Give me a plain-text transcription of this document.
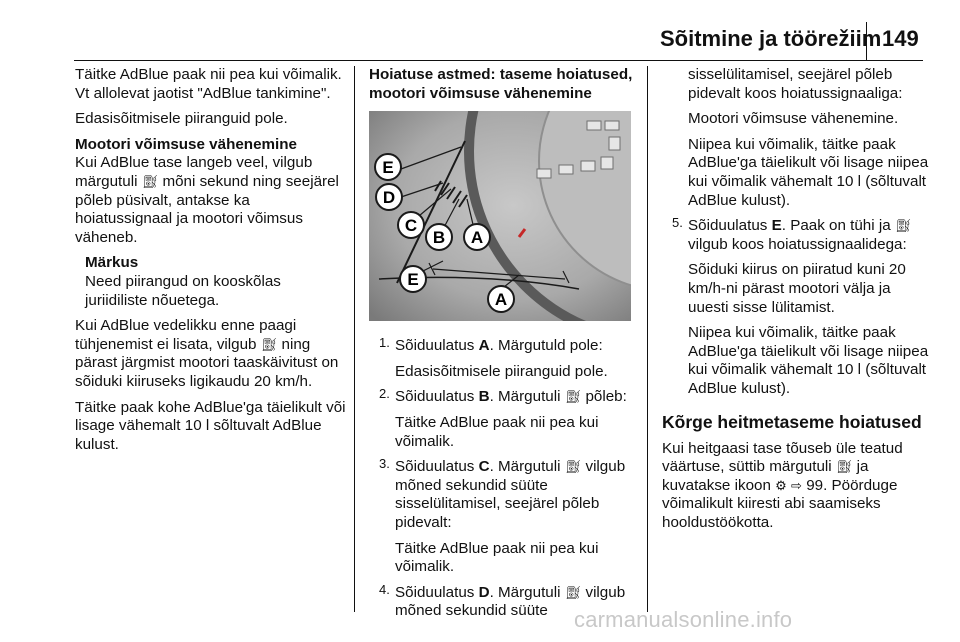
Sõitmine ja töörežiim 149

Täitke AdBlue paak nii pea kui võimalik. Vt allolevat jaotist "AdBlue tankimine".

Edasisõitmisele piiranguid pole.

Mootori võimsuse vähenemine

Kui AdBlue tase langeb veel, vilgub märgutuli ⛽︎ mõni sekund ning seejärel põleb püsivalt, antakse ka hoiatussignaal ja mootori võimsus väheneb.

Märkus

Need piirangud on kooskõlas juriidiliste nõuetega.

Kui AdBlue vedelikku enne paagi tühjenemist ei lisata, vilgub ⛽︎ ning pärast järgmist mootori taaskäivitust on sõiduki kiiruseks ligikaudu 20 km/h.

Täitke paak kohe AdBlue'ga täielikult või lisage vähemalt 10 l sõltuvalt AdBlue kulust.

Hoiatuse astmed: taseme hoiatused, mootori võimsuse vähenemine

E
D
C
B A
E
A
1. Sõiduulatus A. Märgutuld pole:

Edasisõitmisele piiranguid pole.

2. Sõiduulatus B. Märgutuli ⛽︎ põleb:

Täitke AdBlue paak nii pea kui võimalik.

3. Sõiduulatus C. Märgutuli ⛽︎ vilgub mõned sekundid süüte sisselülitamisel, seejärel põleb pidevalt:

Täitke AdBlue paak nii pea kui võimalik.

4. Sõiduulatus D. Märgutuli ⛽︎ vilgub mõned sekundid süüte

sisselülitamisel, seejärel põleb pidevalt koos hoiatussignaaliga:

Mootori võimsuse vähenemine.

Niipea kui võimalik, täitke paak AdBlue'ga täielikult või lisage niipea kui võimalik vähemalt 10 l (sõltuvalt AdBlue kulust).

5. Sõiduulatus E. Paak on tühi ja ⛽︎ vilgub koos hoiatussignaalidega:

Sõiduki kiirus on piiratud kuni 20 km/h-ni pärast mootori välja ja uuesti sisse lülitamist.

Niipea kui võimalik, täitke paak AdBlue'ga täielikult või lisage niipea kui võimalik vähemalt 10 l (sõltuvalt AdBlue kulust).

Kõrge heitmetaseme hoiatused

Kui heitgaasi tase tõuseb üle teatud väärtuse, süttib märgutuli ⛽︎ ja kuvatakse ikoon ⚙︎ ⇨ 99. Pöörduge võimalikult kiiresti abi saamiseks hooldustöökotta.

carmanualsonline.info
